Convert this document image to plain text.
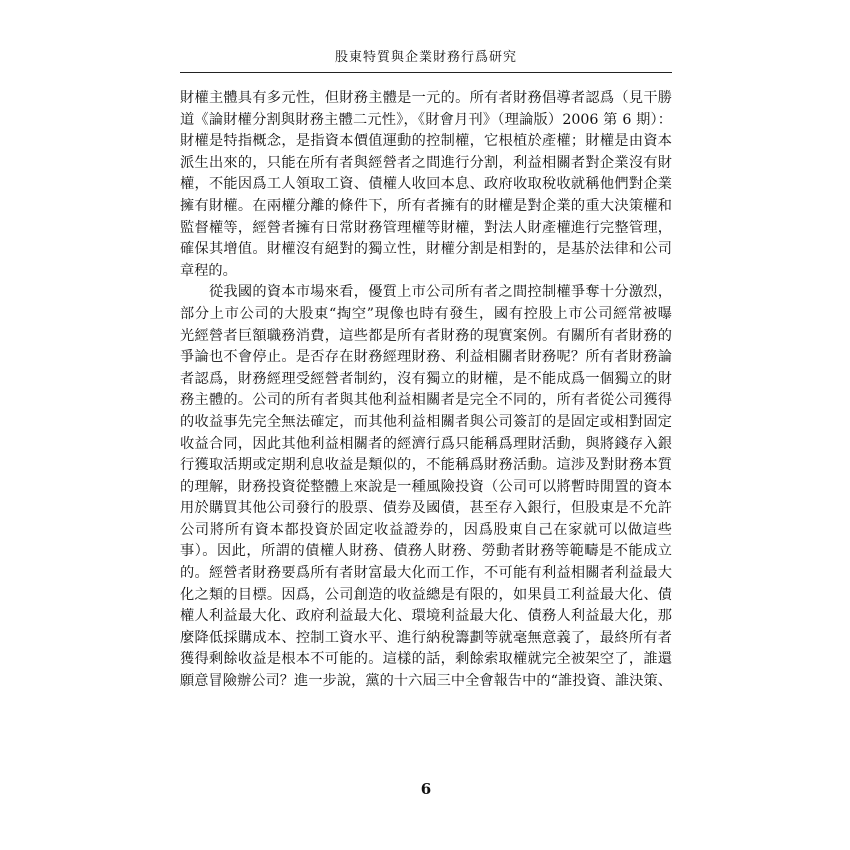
股東特質與企業財務行爲研究
財權主體具有多元性，但財務主體是一元的。所有者財務倡導者認爲（見干勝
道《論財權分割與財務主體二元性》，《財會月刊》（理論版）2006 第 6 期）：
財權是特指概念，是指資本價值運動的控制權，它根植於產權；財權是由資本
派生出來的，只能在所有者與經營者之間進行分割，利益相關者對企業沒有財
權，不能因爲工人領取工資、債權人收回本息、政府收取稅收就稱他們對企業
擁有財權。在兩權分離的條件下，所有者擁有的財權是對企業的重大決策權和
監督權等，經營者擁有日常財務管理權等財權，對法人財產權進行完整管理，
確保其增值。財權沒有絕對的獨立性，財權分割是相對的，是基於法律和公司
章程的。
　　從我國的資本市場來看，優質上市公司所有者之間控制權爭奪十分激烈，
部分上市公司的大股東“掏空”現像也時有發生，國有控股上市公司經常被曝
光經營者巨額職務消費，這些都是所有者財務的現實案例。有關所有者財務的
爭論也不會停止。是否存在財務經理財務、利益相關者財務呢？所有者財務論
者認爲，財務經理受經營者制約，沒有獨立的財權，是不能成爲一個獨立的財
務主體的。公司的所有者與其他利益相關者是完全不同的，所有者從公司獲得
的收益事先完全無法確定，而其他利益相關者與公司簽訂的是固定或相對固定
收益合同，因此其他利益相關者的經濟行爲只能稱爲理財活動，與將錢存入銀
行獲取活期或定期利息收益是類似的，不能稱爲財務活動。這涉及對財務本質
的理解，財務投資從整體上來說是一種風險投資（公司可以將暫時閒置的資本
用於購買其他公司發行的股票、債券及國債，甚至存入銀行，但股東是不允許
公司將所有資本都投資於固定收益證券的，因爲股東自己在家就可以做這些
事）。因此，所謂的債權人財務、債務人財務、勞動者財務等範疇是不能成立
的。經營者財務要爲所有者財富最大化而工作，不可能有利益相關者利益最大
化之類的目標。因爲，公司創造的收益總是有限的，如果員工利益最大化、債
權人利益最大化、政府利益最大化、環境利益最大化、債務人利益最大化，那
麼降低採購成本、控制工資水平、進行納稅籌劃等就毫無意義了，最終所有者
獲得剩餘收益是根本不可能的。這樣的話，剩餘索取權就完全被架空了，誰還
願意冒險辦公司？進一步說，黨的十六屆三中全會報告中的“誰投資、誰決策、
6
